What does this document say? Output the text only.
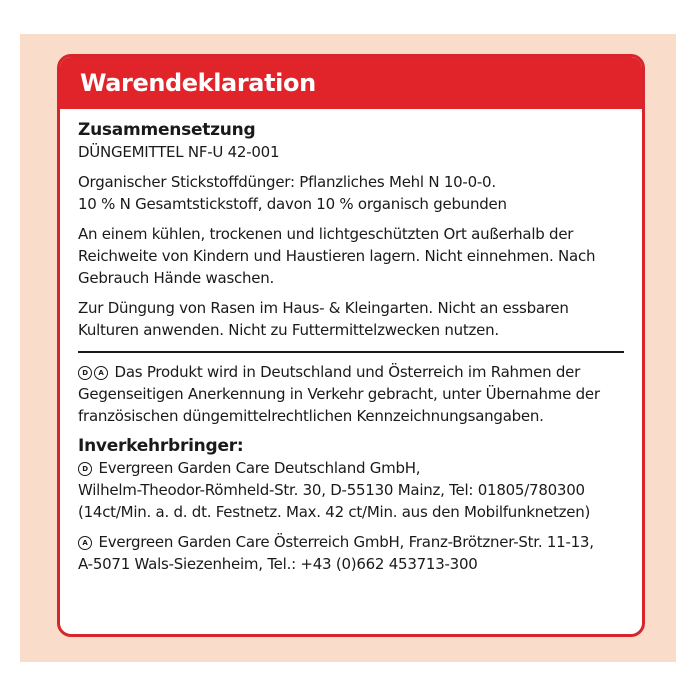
Warendeklaration

Zusammensetzung

DÜNGEMITTEL NF-U 42-001

Organischer Stickstoffdünger: Pflanzliches Mehl N 10-0-0.

10 % N Gesamtstickstoff, davon 10 % organisch gebunden

An einem kühlen, trockenen und lichtgeschützten Ort außerhalb der

Reichweite von Kindern und Haustieren lagern. Nicht einnehmen. Nach

Gebrauch Hände waschen.

Zur Düngung von Rasen im Haus- & Kleingarten. Nicht an essbaren

Kulturen anwenden. Nicht zu Futtermittelzwecken nutzen.

D A Das Produkt wird in Deutschland und Österreich im Rahmen der

Gegenseitigen Anerkennung in Verkehr gebracht, unter Übernahme der

französischen düngemittelrechtlichen Kennzeichnungsangaben.

Inverkehrbringer:

D Evergreen Garden Care Deutschland GmbH,

Wilhelm-Theodor-Römheld-Str. 30, D-55130 Mainz, Tel: 01805/780300

(14ct/Min. a. d. dt. Festnetz. Max. 42 ct/Min. aus den Mobilfunknetzen)

A Evergreen Garden Care Österreich GmbH, Franz-Brötzner-Str. 11-13,

A-5071 Wals-Siezenheim, Tel.: +43 (0)662 453713-300
